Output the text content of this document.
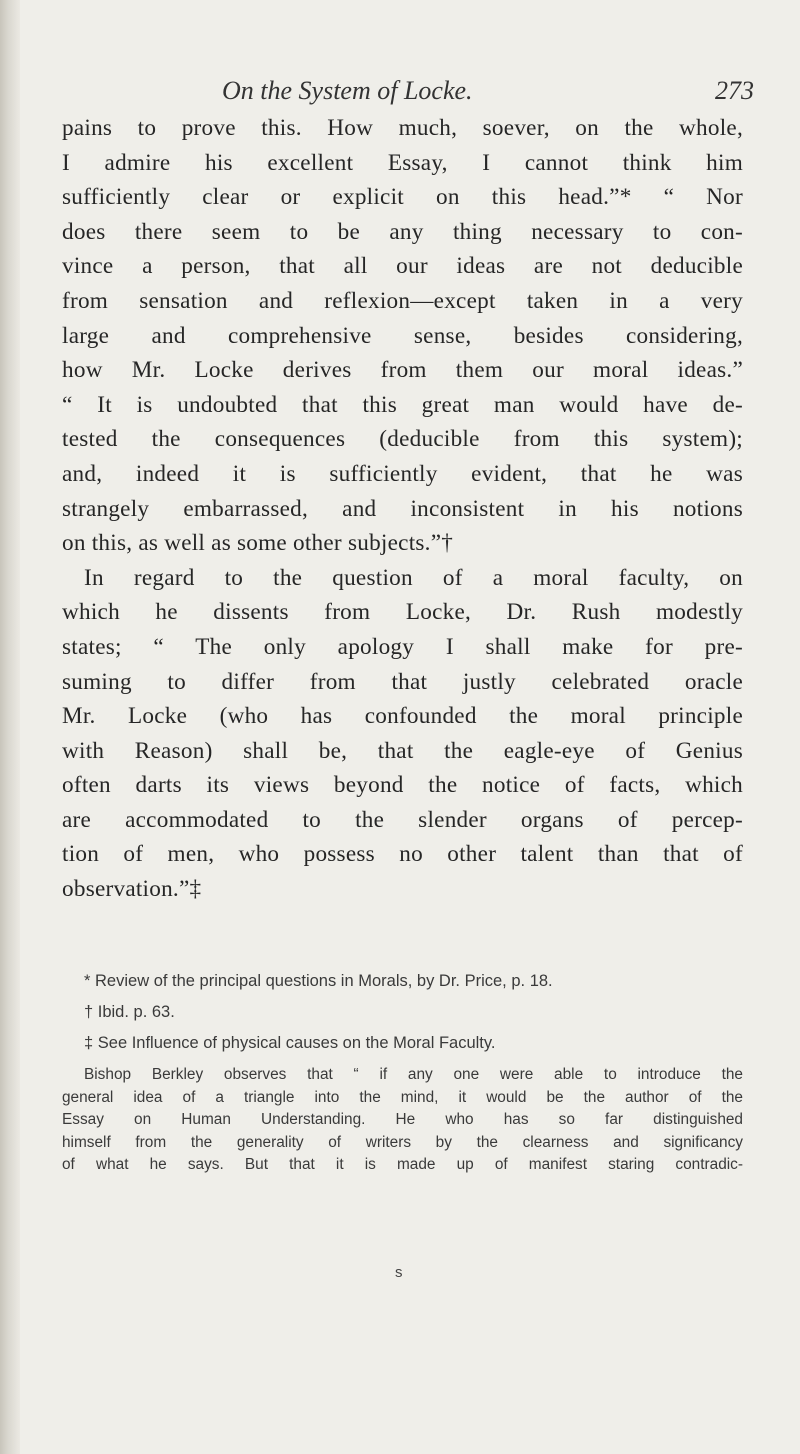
On the System of Locke.	273
pains to prove this. How much, soever, on the whole,
I admire his excellent Essay, I cannot think him
sufficiently clear or explicit on this head.”* “ Nor
does there seem to be any thing necessary to con-
vince a person, that all our ideas are not deducible
from sensation and reflexion—except taken in a very
large and comprehensive sense, besides considering,
how Mr. Locke derives from them our moral ideas.”
“ It is undoubted that this great man would have de-
tested the consequences (deducible from this system);
and, indeed it is sufficiently evident, that he was
strangely embarrassed, and inconsistent in his notions
on this, as well as some other subjects.”†
In regard to the question of a moral faculty, on
which he dissents from Locke, Dr. Rush modestly
states; “ The only apology I shall make for pre-
suming to differ from that justly celebrated oracle
Mr. Locke (who has confounded the moral principle
with Reason) shall be, that the eagle-eye of Genius
often darts its views beyond the notice of facts, which
are accommodated to the slender organs of percep-
tion of men, who possess no other talent than that of
observation.”‡
* Review of the principal questions in Morals, by Dr. Price, p. 18.
† Ibid. p. 63.
‡ See Influence of physical causes on the Moral Faculty.
Bishop Berkley observes that “ if any one were able to introduce the
general idea of a triangle into the mind, it would be the author of the
Essay on Human Understanding. He who has so far distinguished
himself from the generality of writers by the clearness and significancy
of what he says. But that it is made up of manifest staring contradic-
s
